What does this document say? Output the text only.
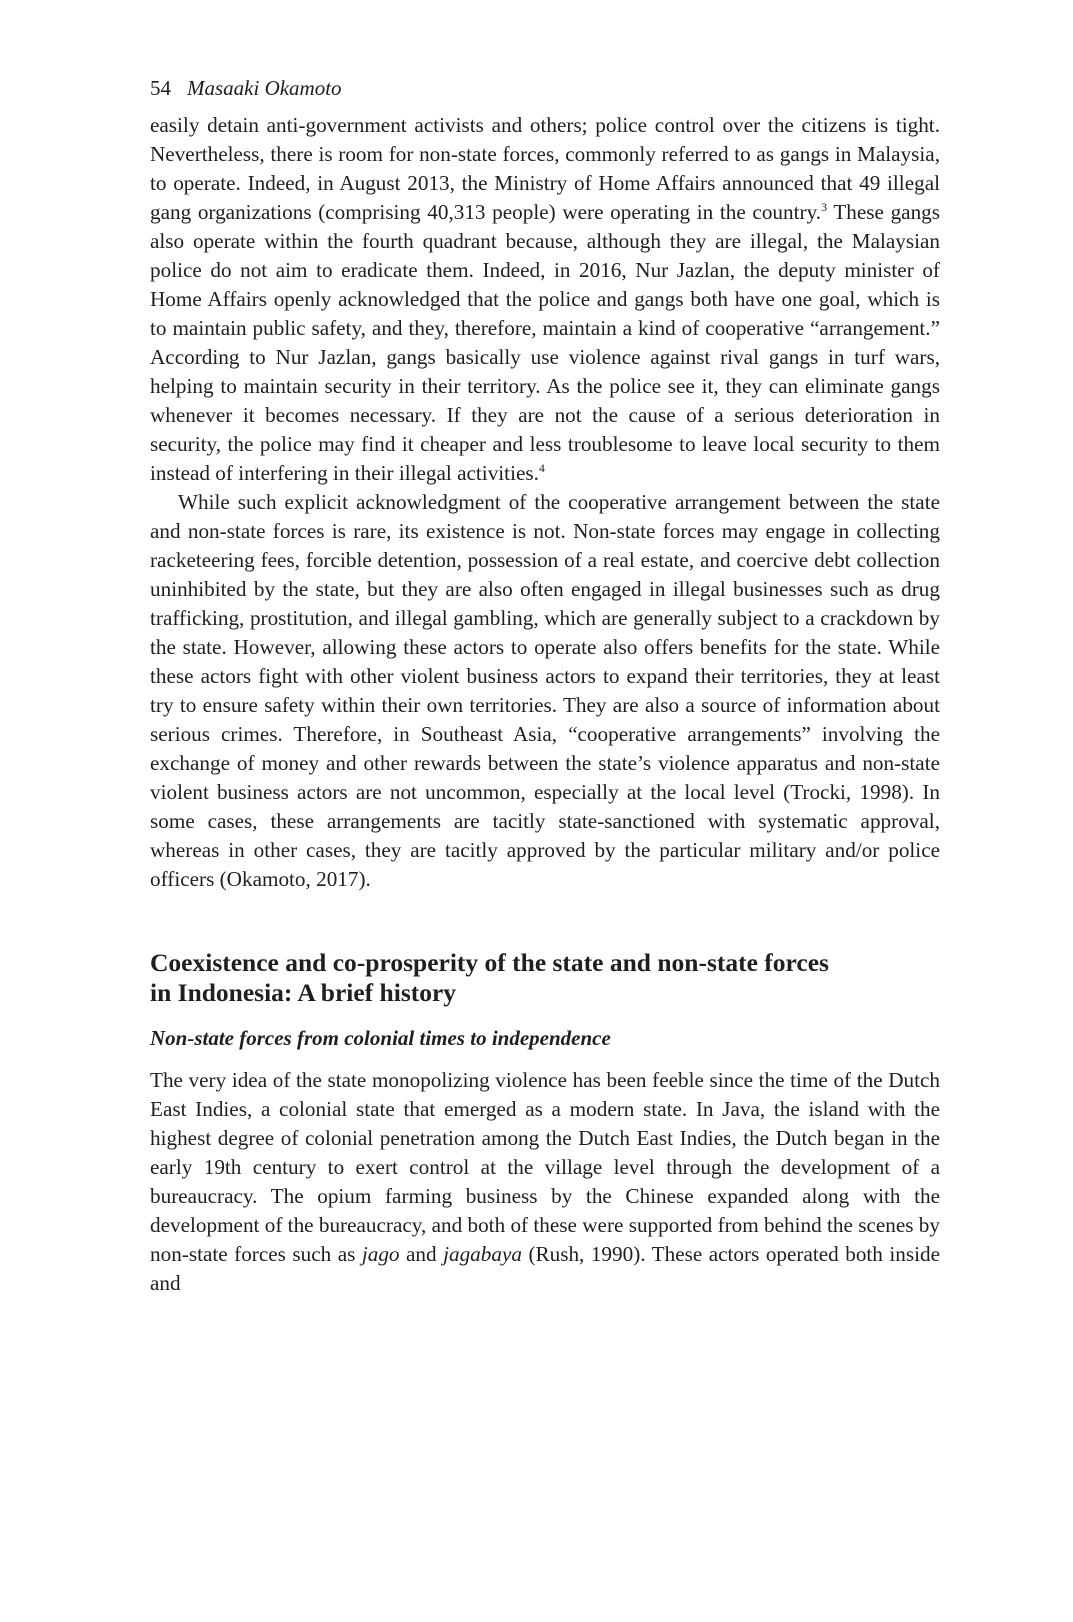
54 Masaaki Okamoto

easily detain anti-government activists and others; police control over the citizens is tight. Nevertheless, there is room for non-state forces, commonly referred to as gangs in Malaysia, to operate. Indeed, in August 2013, the Ministry of Home Affairs announced that 49 illegal gang organizations (comprising 40,313 people) were operating in the country.$^3$ These gangs also operate within the fourth quadrant because, although they are illegal, the Malaysian police do not aim to eradicate them. Indeed, in 2016, Nur Jazlan, the deputy minister of Home Affairs openly acknowledged that the police and gangs both have one goal, which is to maintain public safety, and they, therefore, maintain a kind of cooperative “arrangement.” According to Nur Jazlan, gangs basically use violence against rival gangs in turf wars, helping to maintain security in their territory. As the police see it, they can eliminate gangs whenever it becomes necessary. If they are not the cause of a serious deterioration in security, the police may find it cheaper and less troublesome to leave local security to them instead of interfering in their illegal activities.$^4$

While such explicit acknowledgment of the cooperative arrangement between the state and non-state forces is rare, its existence is not. Non-state forces may engage in collecting racketeering fees, forcible detention, possession of a real estate, and coercive debt collection uninhibited by the state, but they are also often engaged in illegal businesses such as drug trafficking, prostitution, and illegal gambling, which are generally subject to a crackdown by the state. However, allowing these actors to operate also offers benefits for the state. While these actors fight with other violent business actors to expand their territories, they at least try to ensure safety within their own territories. They are also a source of information about serious crimes. Therefore, in Southeast Asia, “cooperative arrangements” involving the exchange of money and other rewards between the state’s violence apparatus and non-state violent business actors are not uncommon, especially at the local level (Trocki, 1998). In some cases, these arrangements are tacitly state-sanctioned with systematic approval, whereas in other cases, they are tacitly approved by the particular military and/or police officers (Okamoto, 2017).

Coexistence and co-prosperity of the state and non-state forces in Indonesia: A brief history
Non-state forces from colonial times to independence

The very idea of the state monopolizing violence has been feeble since the time of the Dutch East Indies, a colonial state that emerged as a modern state. In Java, the island with the highest degree of colonial penetration among the Dutch East Indies, the Dutch began in the early 19th century to exert control at the village level through the development of a bureaucracy. The opium farming business by the Chinese expanded along with the development of the bureaucracy, and both of these were supported from behind the scenes by non-state forces such as jago and jagabaya (Rush, 1990). These actors operated both inside and
